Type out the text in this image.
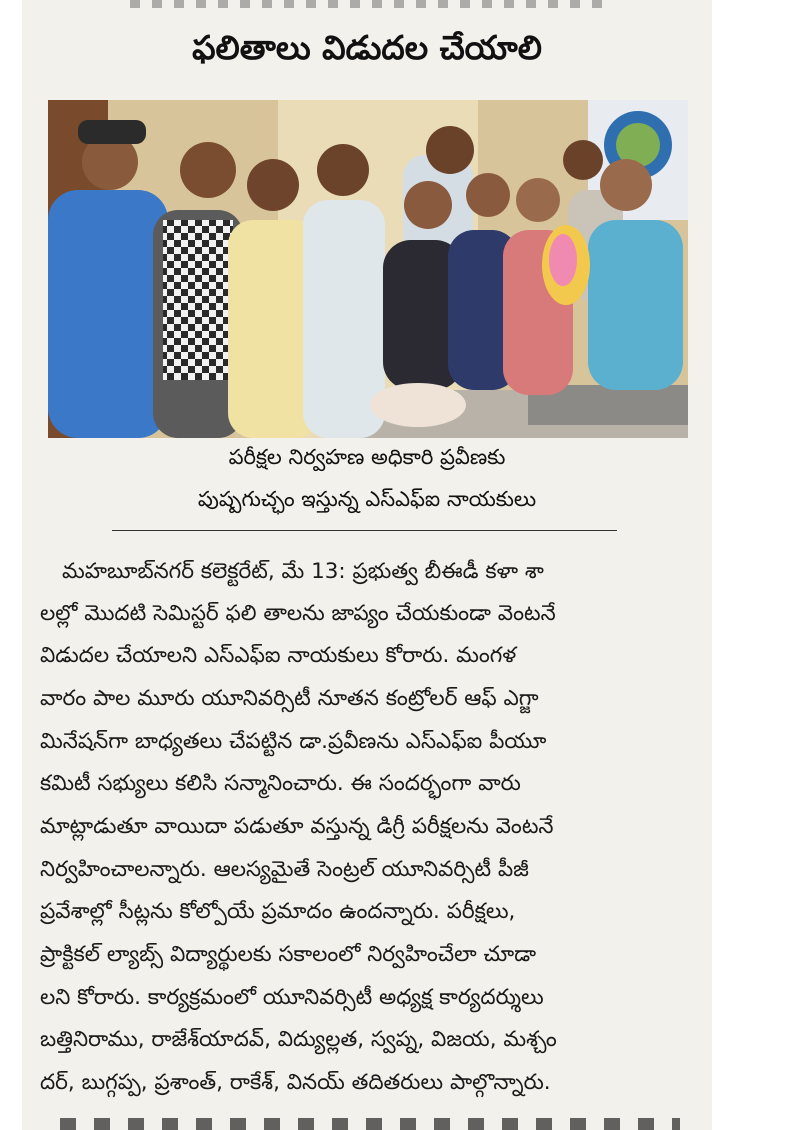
ఫలితాలు విడుదల చేయాలి
పరీక్షల నిర్వహణ అధికారి ప్రవీణకు
పుష్పగుచ్ఛం ఇస్తున్న ఎస్ఎఫ్ఐ నాయకులు
మహబూబ్‌నగర్ కలెక్టరేట్, మే 13: ప్రభుత్వ బీఈడీ కళా శా
లల్లో మొదటి సెమిస్టర్ ఫలి తాలను జాప్యం చేయకుండా వెంటనే
విడుదల చేయాలని ఎస్ఎఫ్ఐ నాయకులు కోరారు. మంగళ
వారం పాల మూరు యూనివర్సిటీ నూతన కంట్రోలర్ ఆఫ్ ఎగ్జా
మినేషన్‌గా బాధ్యతలు చేపట్టిన డా.ప్రవీణను ఎస్ఎఫ్ఐ పీయూ
కమిటీ సభ్యులు కలిసి సన్మానించారు. ఈ సందర్భంగా వారు
మాట్లాడుతూ వాయిదా పడుతూ వస్తున్న డిగ్రీ పరీక్షలను వెంటనే
నిర్వహించాలన్నారు. ఆలస్యమైతే సెంట్రల్ యూనివర్సిటీ పీజీ
ప్రవేశాల్లో సీట్లను కోల్పోయే ప్రమాదం ఉందన్నారు. పరీక్షలు,
ప్రాక్టికల్ ల్యాబ్స్ విద్యార్థులకు సకాలంలో నిర్వహించేలా చూడా
లని కోరారు. కార్యక్రమంలో యూనివర్సిటీ అధ్యక్ష కార్యదర్శులు
బత్తినిరాము, రాజేశ్‌యాదవ్, విద్యుల్లత, స్వప్న, విజయ, మశ్చం
దర్, బుగ్గప్ప, ప్రశాంత్, రాకేశ్, వినయ్ తదితరులు పాల్గొన్నారు.
